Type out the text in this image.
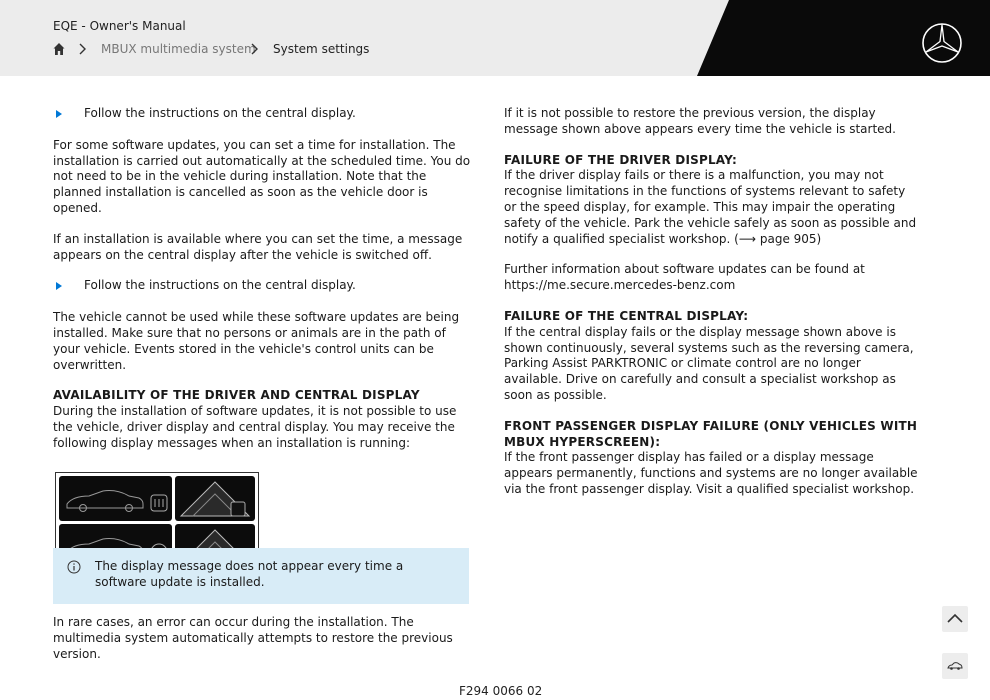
EQE - Owner's Manual
MBUX multimedia system System settings
Follow the instructions on the central display.

For some software updates, you can set a time for installation. The installation is carried out automatically at the scheduled time. You do not need to be in the vehicle during installation. Note that the planned installation is cancelled as soon as the vehicle door is opened.

If an installation is available where you can set the time, a message appears on the central display after the vehicle is switched off.

Follow the instructions on the central display.

The vehicle cannot be used while these software updates are being installed. Make sure that no persons or animals are in the path of your vehicle. Events stored in the vehicle's control units can be overwritten.

AVAILABILITY OF THE DRIVER AND CENTRAL DISPLAY
During the installation of software updates, it is not possible to use the vehicle, driver display and central display. You may receive the following display messages when an installation is running:
The display message does not appear every time a software update is installed.

In rare cases, an error can occur during the installation. The multimedia system automatically attempts to restore the previous version.

If it is not possible to restore the previous version, the display message shown above appears every time the vehicle is started.

FAILURE OF THE DRIVER DISPLAY:
If the driver display fails or there is a malfunction, you may not recognise limitations in the functions of systems relevant to safety or the speed display, for example. This may impair the operating safety of the vehicle. Park the vehicle safely as soon as possible and notify a qualified specialist workshop. (⟶ page 905)

Further information about software updates can be found at https://me.secure.mercedes-benz.com

FAILURE OF THE CENTRAL DISPLAY:
If the central display fails or the display message shown above is shown continuously, several systems such as the reversing camera, Parking Assist PARKTRONIC or climate control are no longer available. Drive on carefully and consult a specialist workshop as soon as possible.
FRONT PASSENGER DISPLAY FAILURE (ONLY VEHICLES WITH MBUX HYPERSCREEN):
If the front passenger display has failed or a display message appears permanently, functions and systems are no longer available via the front passenger display. Visit a qualified specialist workshop.
F294 0066 02
